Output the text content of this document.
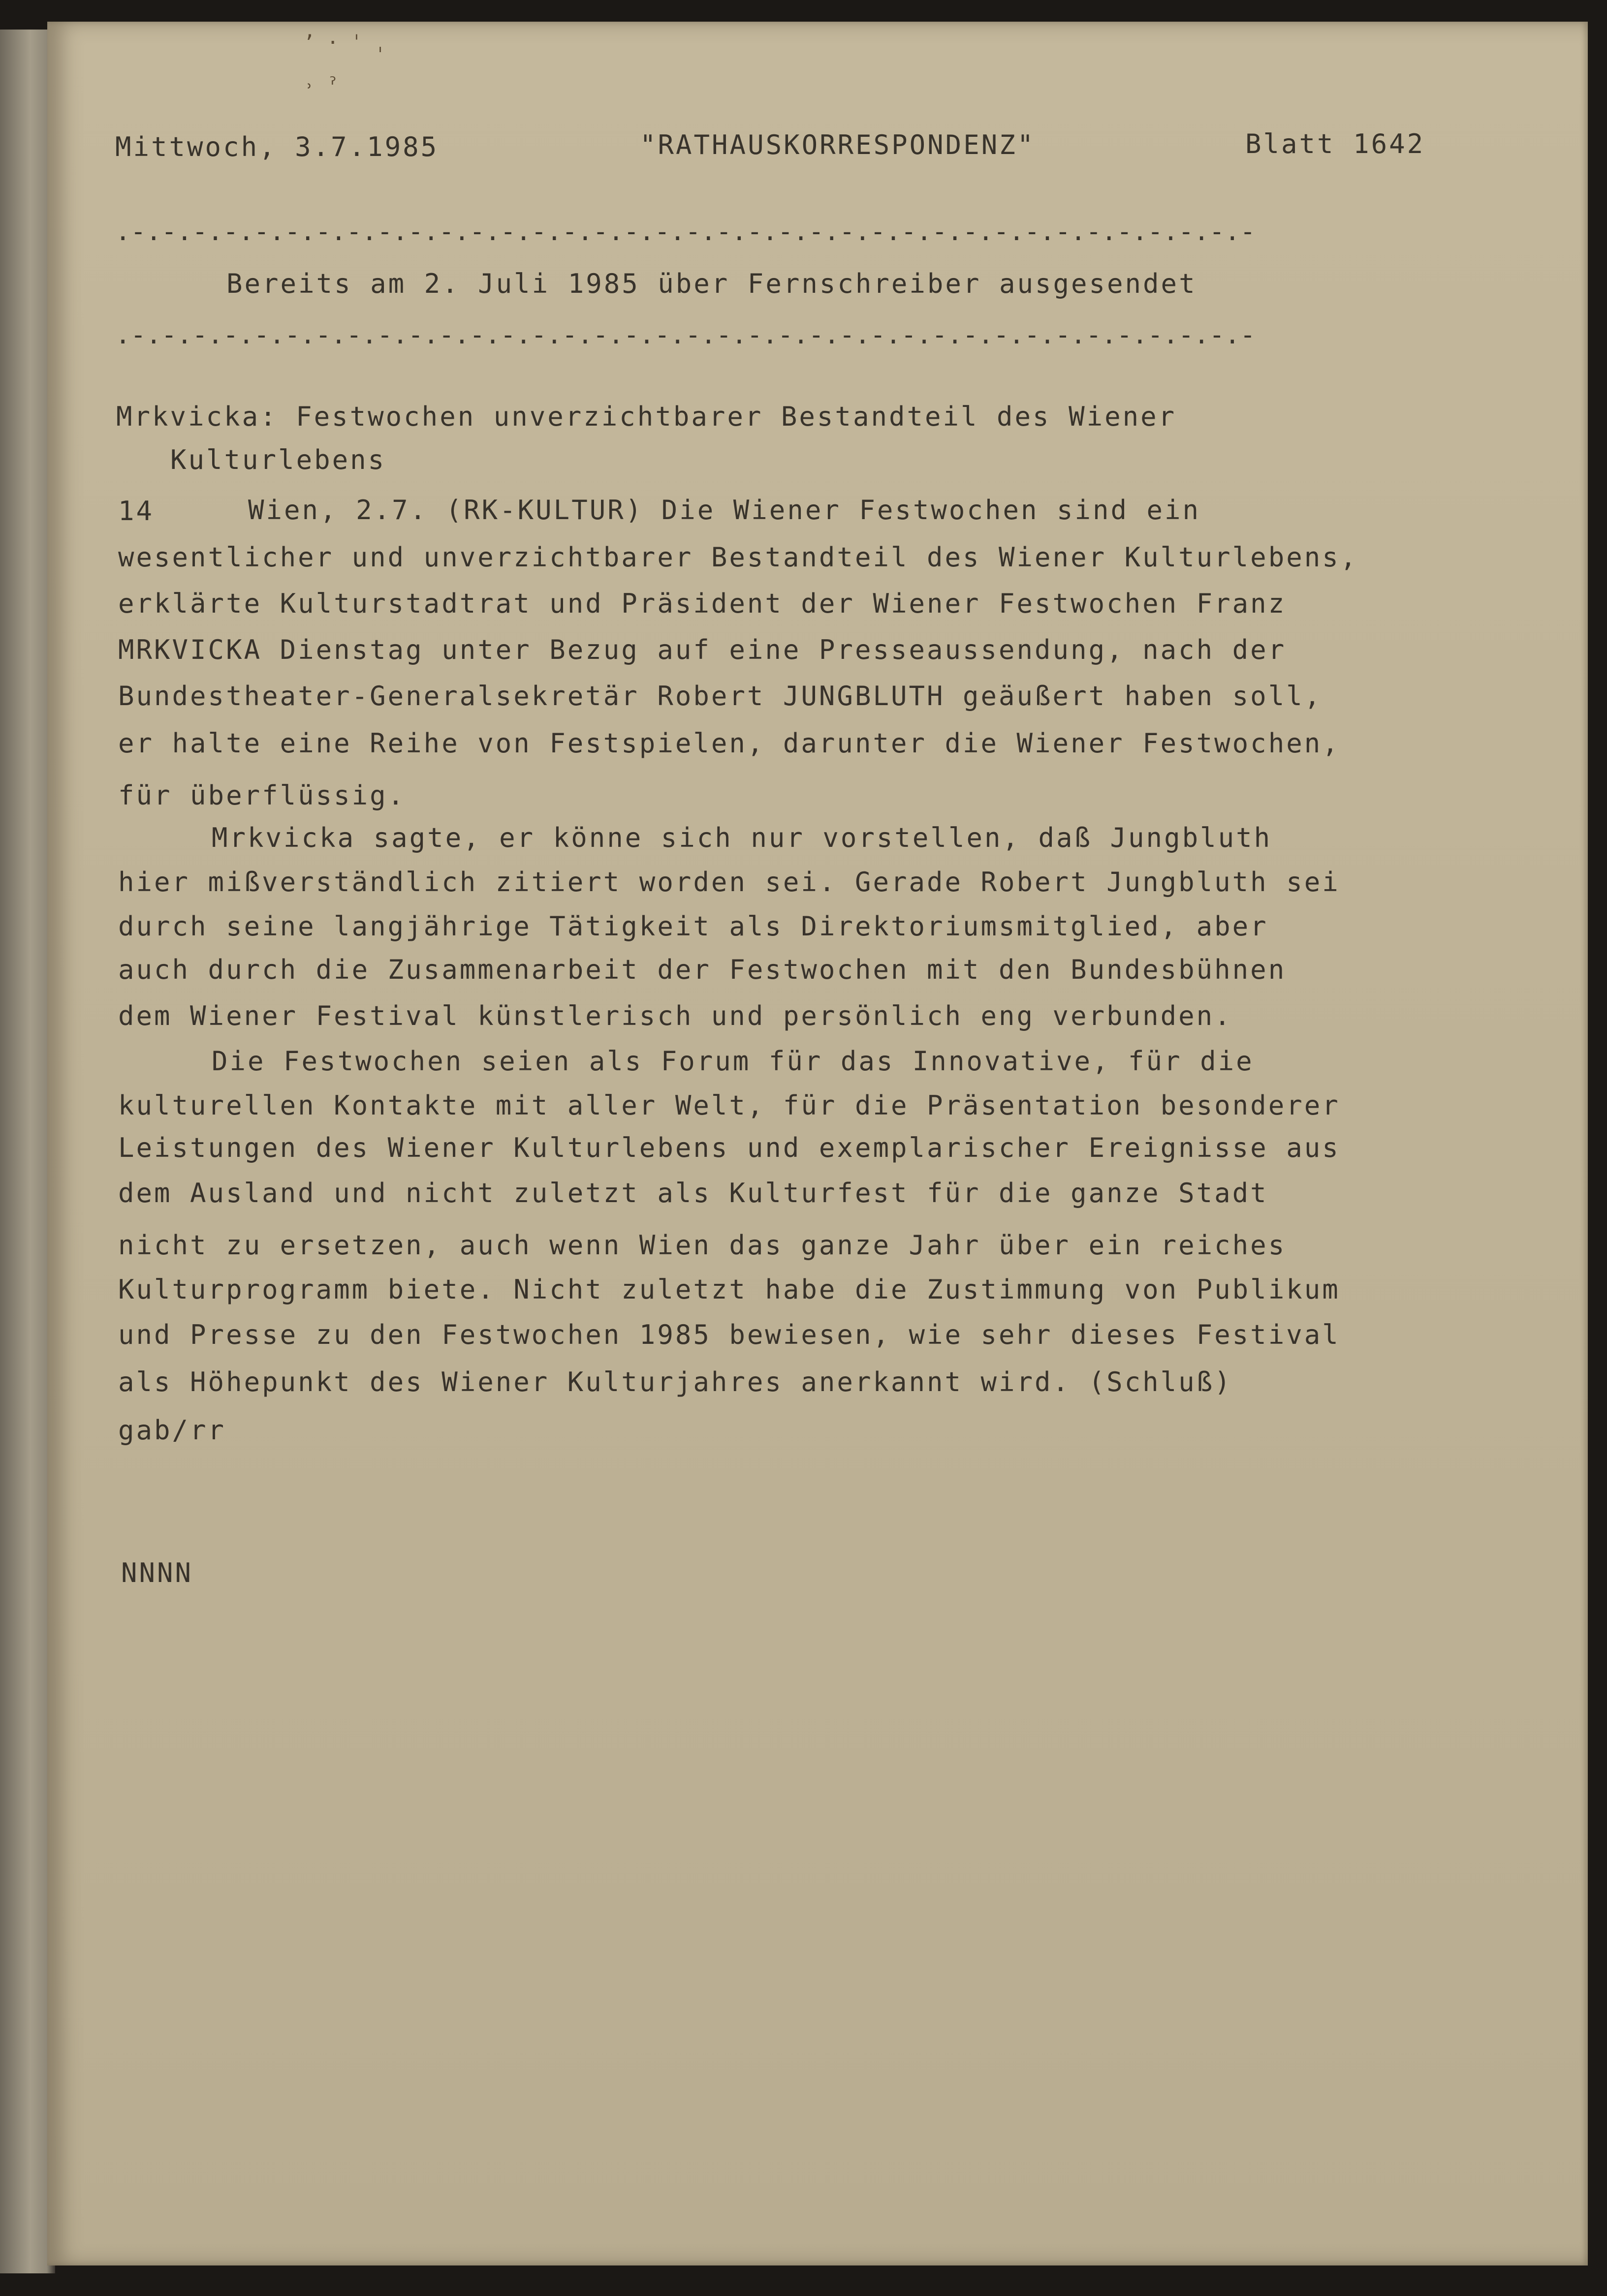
ʼ · ˈ ˌ
˒ ˀ
Mittwoch, 3.7.1985	"RATHAUSKORRESPONDENZ"	Blatt 1642
.-.-.-.-.-.-.-.-.-.-.-.-.-.-.-.-.-.-.-.-.-.-.-.-.-.-.-.-.-.-.-.-.-.-.-.-.-
Bereits am 2. Juli 1985 über Fernschreiber ausgesendet
.-.-.-.-.-.-.-.-.-.-.-.-.-.-.-.-.-.-.-.-.-.-.-.-.-.-.-.-.-.-.-.-.-.-.-.-.-
Mrkvicka: Festwochen unverzichtbarer Bestandteil des Wiener
Kulturlebens
14	Wien, 2.7. (RK-KULTUR) Die Wiener Festwochen sind ein
wesentlicher und unverzichtbarer Bestandteil des Wiener Kulturlebens,
erklärte Kulturstadtrat und Präsident der Wiener Festwochen Franz
MRKVICKA Dienstag unter Bezug auf eine Presseaussendung, nach der
Bundestheater-Generalsekretär Robert JUNGBLUTH geäußert haben soll,
er halte eine Reihe von Festspielen, darunter die Wiener Festwochen,
für überflüssig.
Mrkvicka sagte, er könne sich nur vorstellen, daß Jungbluth
hier mißverständlich zitiert worden sei. Gerade Robert Jungbluth sei
durch seine langjährige Tätigkeit als Direktoriumsmitglied, aber
auch durch die Zusammenarbeit der Festwochen mit den Bundesbühnen
dem Wiener Festival künstlerisch und persönlich eng verbunden.
Die Festwochen seien als Forum für das Innovative, für die
kulturellen Kontakte mit aller Welt, für die Präsentation besonderer
Leistungen des Wiener Kulturlebens und exemplarischer Ereignisse aus
dem Ausland und nicht zuletzt als Kulturfest für die ganze Stadt
nicht zu ersetzen, auch wenn Wien das ganze Jahr über ein reiches
Kulturprogramm biete. Nicht zuletzt habe die Zustimmung von Publikum
und Presse zu den Festwochen 1985 bewiesen, wie sehr dieses Festival
als Höhepunkt des Wiener Kulturjahres anerkannt wird. (Schluß)
gab/rr
NNNN
